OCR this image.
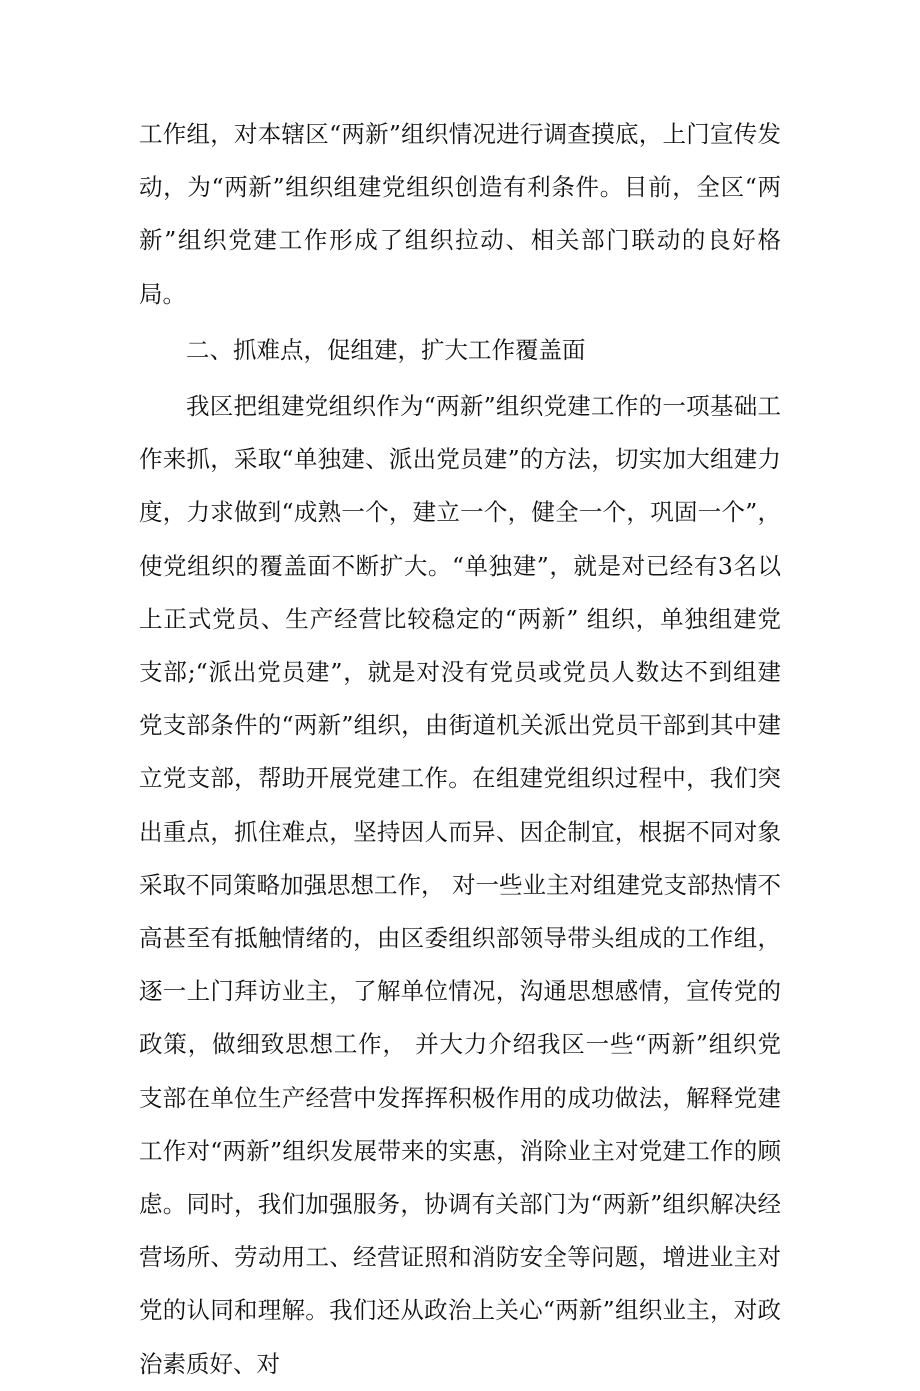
工作组，对本辖区“两新”组织情况进行调查摸底，上门宣传发动，为“两新”组织组建党组织创造有利条件。目前，全区“两新”组织党建工作形成了组织拉动、相关部门联动的良好格局。

二、抓难点，促组建，扩大工作覆盖面

我区把组建党组织作为“两新”组织党建工作的一项基础工作来抓，采取“单独建、派出党员建”的方法，切实加大组建力度，力求做到“成熟一个，建立一个，健全一个，巩固一个”，使党组织的覆盖面不断扩大。“单独建”，就是对已经有3名以上正式党员、生产经营比较稳定的“两新” 组织，单独组建党支部;“派出党员建”，就是对没有党员或党员人数达不到组建党支部条件的“两新”组织，由街道机关派出党员干部到其中建立党支部，帮助开展党建工作。在组建党组织过程中，我们突出重点，抓住难点，坚持因人而异、因企制宜，根据不同对象采取不同策略加强思想工作， 对一些业主对组建党支部热情不高甚至有抵触情绪的，由区委组织部领导带头组成的工作组，逐一上门拜访业主，了解单位情况，沟通思想感情，宣传党的政策，做细致思想工作， 并大力介绍我区一些“两新”组织党支部在单位生产经营中发挥挥积极作用的成功做法，解释党建工作对“两新”组织发展带来的实惠，消除业主对党建工作的顾虑。同时，我们加强服务，协调有关部门为“两新”组织解决经营场所、劳动用工、经营证照和消防安全等问题，增进业主对党的认同和理解。我们还从政治上关心“两新”组织业主，对政治素质好、对
